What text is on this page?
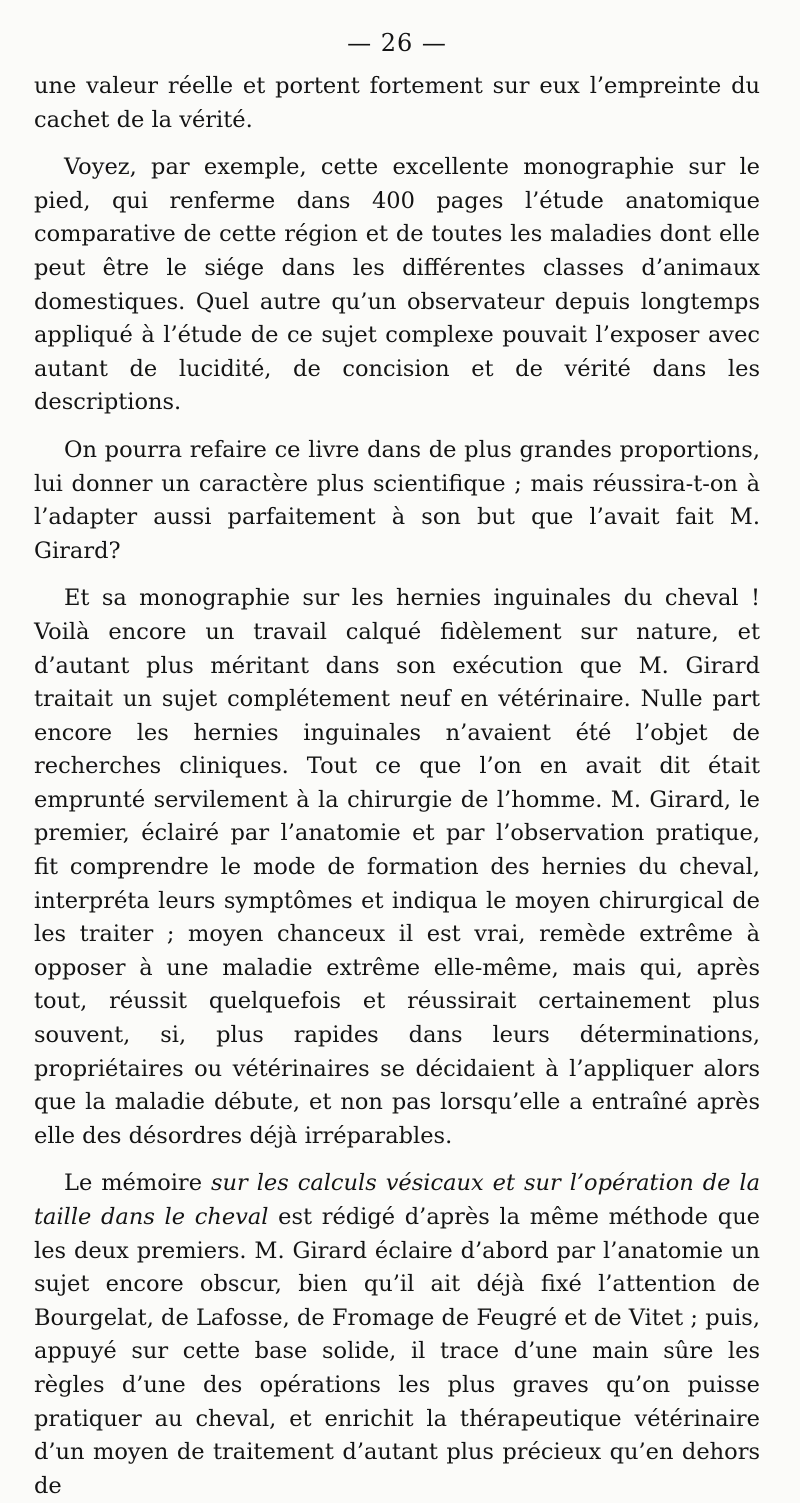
— 26 —

une valeur réelle et portent fortement sur eux l’empreinte du cachet de la vérité.

Voyez, par exemple, cette excellente monographie sur le pied, qui renferme dans 400 pages l’étude anatomique comparative de cette région et de toutes les maladies dont elle peut être le siége dans les différentes classes d’animaux domestiques. Quel autre qu’un observateur depuis longtemps appliqué à l’étude de ce sujet complexe pouvait l’exposer avec autant de lucidité, de concision et de vérité dans les descriptions.

On pourra refaire ce livre dans de plus grandes proportions, lui donner un caractère plus scientifique ; mais réussira-t-on à l’adapter aussi parfaitement à son but que l’avait fait M. Girard?

Et sa monographie sur les hernies inguinales du cheval ! Voilà encore un travail calqué fidèlement sur nature, et d’autant plus méritant dans son exécution que M. Girard traitait un sujet complétement neuf en vétérinaire. Nulle part encore les hernies inguinales n’avaient été l’objet de recherches cliniques. Tout ce que l’on en avait dit était emprunté servilement à la chirurgie de l’homme. M. Girard, le premier, éclairé par l’anatomie et par l’observation pratique, fit comprendre le mode de formation des hernies du cheval, interpréta leurs symptômes et indiqua le moyen chirurgical de les traiter ; moyen chanceux il est vrai, remède extrême à opposer à une maladie extrême elle-même, mais qui, après tout, réussit quelquefois et réussirait certainement plus souvent, si, plus rapides dans leurs déterminations, propriétaires ou vétérinaires se décidaient à l’appliquer alors que la maladie débute, et non pas lorsqu’elle a entraîné après elle des désordres déjà irréparables.

Le mémoire sur les calculs vésicaux et sur l’opération de la taille dans le cheval est rédigé d’après la même méthode que les deux premiers. M. Girard éclaire d’abord par l’anatomie un sujet encore obscur, bien qu’il ait déjà fixé l’attention de Bourgelat, de Lafosse, de Fromage de Feugré et de Vitet ; puis, appuyé sur cette base solide, il trace d’une main sûre les règles d’une des opérations les plus graves qu’on puisse pratiquer au cheval, et enrichit la thérapeutique vétérinaire d’un moyen de traitement d’autant plus précieux qu’en dehors de
